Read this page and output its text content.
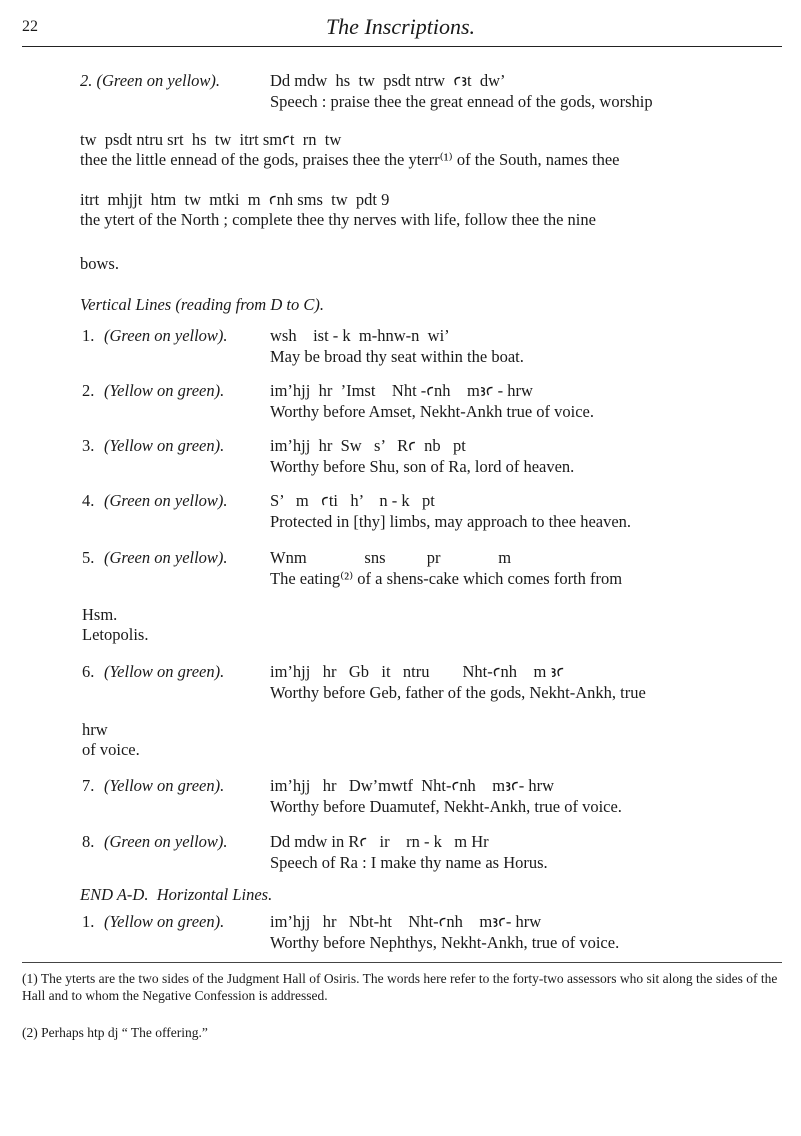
22	The Inscriptions.
2. (Green on yellow).	Dd mdw  hs  tw  psdt ntrw  ꜥꜣt  dw’
Speech : praise thee the great ennead of the gods, worship
tw  psdt ntru srt  hs  tw  itrt smꜥt  rn  tw
thee the little ennead of the gods, praises thee the yterr⁽¹⁾ of the South, names thee
itrt  mhjjt  htm  tw  mtki  m  ꜥnh sms  tw  pdt 9
the ytert of the North ; complete thee thy nerves with life, follow thee the nine
bows.
Vertical Lines (reading from D to C).
1. (Green on yellow).	wsh    ist - k  m-hnw-n  wi’
May be broad thy seat within the boat.
2. (Yellow on green).	im’hjj  hr  ’Imst    Nht -ꜥnh    mꜣꜥ - hrw
Worthy before Amset, Nekht-Ankh true of voice.
3. (Yellow on green).	im’hjj  hr  Sw   s’   Rꜥ  nb   pt
Worthy before Shu, son of Ra, lord of heaven.
4. (Green on yellow).	S’   m   ꜥti   h’    n - k   pt
Protected in [thy] limbs, may approach to thee heaven.
5. (Green on yellow).	Wnm              sns          pr              m
The eating⁽²⁾ of a shens-cake which comes forth from
Hsm.
Letopolis.
6. (Yellow on green).	im’hjj   hr   Gb   it   ntru        Nht-ꜥnh    m ꜣꜥ
Worthy before Geb, father of the gods, Nekht-Ankh, true
hrw
of voice.
7. (Yellow on green).	im’hjj   hr   Dw’mwtf  Nht-ꜥnh    mꜣꜥ- hrw
Worthy before Duamutef, Nekht-Ankh, true of voice.
8. (Green on yellow).	Dd mdw in Rꜥ   ir    rn - k   m Hr
Speech of Ra : I make thy name as Horus.
END A-D.  Horizontal Lines.
1. (Yellow on green).	im’hjj   hr   Nbt-ht    Nht-ꜥnh    mꜣꜥ- hrw
Worthy before Nephthys, Nekht-Ankh, true of voice.
(1) The yterts are the two sides of the Judgment Hall of Osiris. The words here refer to the forty-two assessors who sit along the sides of the Hall and to whom the Negative Confession is addressed.
(2) Perhaps htp dj “ The offering.”
